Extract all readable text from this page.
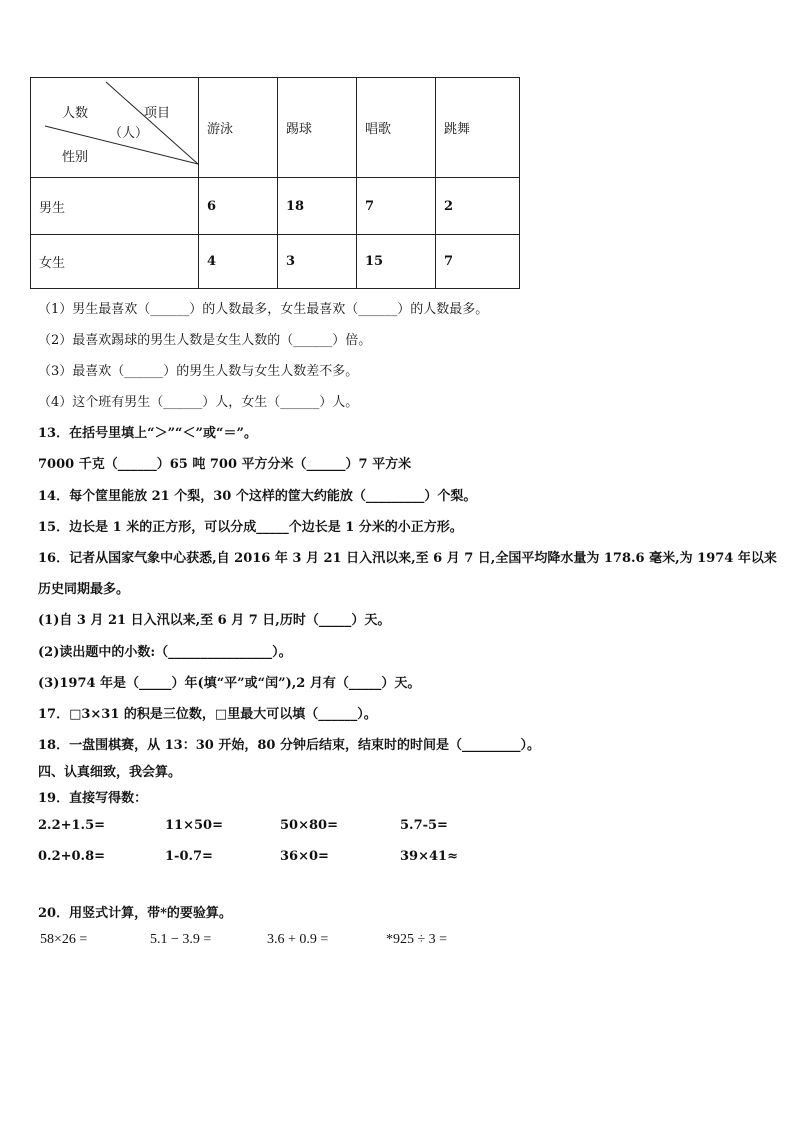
人数
（人）
项目
性别	游泳	踢球	唱歌	跳舞
男生	6	18	7	2
女生	4	3	15	7
（1）男生最喜欢（______）的人数最多，女生最喜欢（______）的人数最多。
（2）最喜欢踢球的男生人数是女生人数的（______）倍。
（3）最喜欢（______）的男生人数与女生人数差不多。
（4）这个班有男生（______）人，女生（______）人。
13．在括号里填上“＞”“＜”或“＝”。
7000 千克（______）65 吨 700 平方分米（______）7 平方米
14．每个筐里能放 21 个梨，30 个这样的筐大约能放（_________）个梨。
15．边长是 1 米的正方形，可以分成_____个边长是 1 分米的小正方形。
16．记者从国家气象中心获悉,自 2016 年 3 月 21 日入汛以来,至 6 月 7 日,全国平均降水量为 178.6 毫米,为 1974 年以来
历史同期最多。
(1)自 3 月 21 日入汛以来,至 6 月 7 日,历时（_____）天。
(2)读出题中的小数:（________________）。
(3)1974 年是（_____）年(填“平”或“闰”),2 月有（_____）天。
17．□3×31 的积是三位数，□里最大可以填（______）。
18．一盘围棋赛，从 13：30 开始，80 分钟后结束，结束时的时间是（_________）。
四、认真细致，我会算。
19．直接写得数：
2.2+1.5=	11×50=	50×80=	5.7-5=
0.2+0.8=	1-0.7=	36×0=	39×41≈
20．用竖式计算，带*的要验算。
58×26 =	5.1 − 3.9 =	3.6 + 0.9 =	*925 ÷ 3 =
